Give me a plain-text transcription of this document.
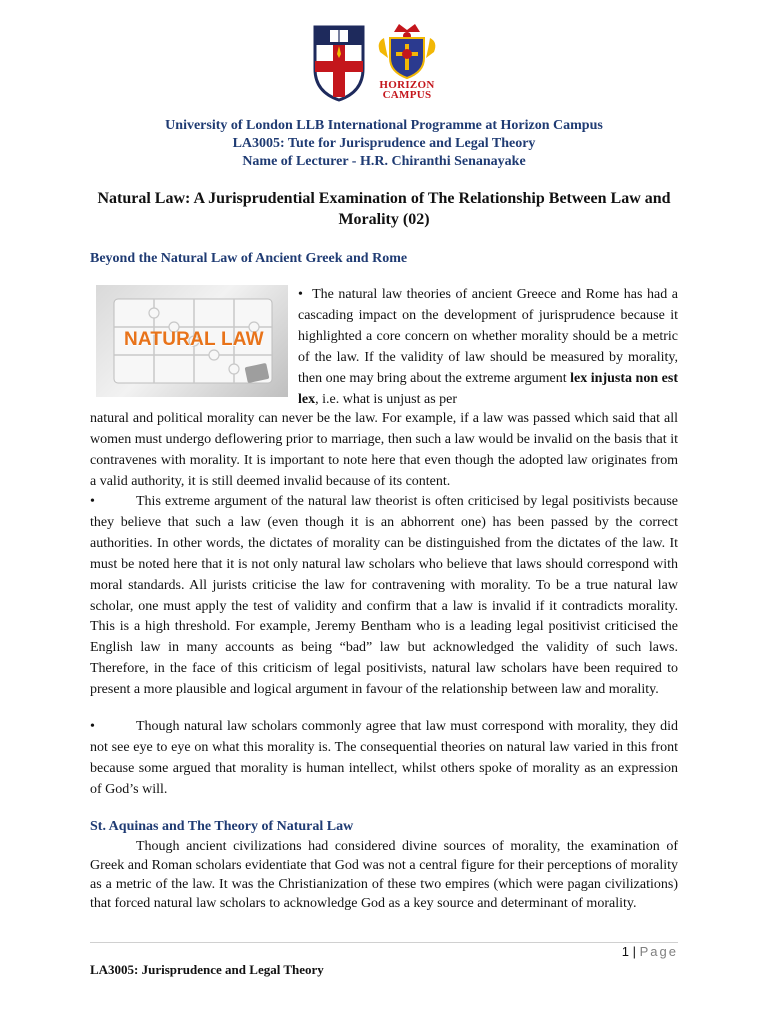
HORIZON CAMPUS
University of London LLB International Programme at Horizon Campus
LA3005: Tute for Jurisprudence and Legal Theory
Name of Lecturer - H.R. Chiranthi Senanayake
Natural Law: A Jurisprudential Examination of The Relationship Between Law and Morality (02)
Beyond the Natural Law of Ancient Greek and Rome
NATURAL LAW
• The natural law theories of ancient Greece and Rome has had a cascading impact on the development of jurisprudence because it highlighted a core concern on whether morality should be a metric of the law. If the validity of law should be measured by morality, then one may bring about the extreme argument lex injusta non est lex, i.e. what is unjust as per
natural and political morality can never be the law. For example, if a law was passed which said that all women must undergo deflowering prior to marriage, then such a law would be invalid on the basis that it contravenes with morality. It is important to note here that even though the adopted law originates from a valid authority, it is still deemed invalid because of its content.
•	This extreme argument of the natural law theorist is often criticised by legal positivists because they believe that such a law (even though it is an abhorrent one) has been passed by the correct authorities. In other words, the dictates of morality can be distinguished from the dictates of the law. It must be noted here that it is not only natural law scholars who believe that laws should correspond with moral standards. All jurists criticise the law for contravening with morality. To be a true natural law scholar, one must apply the test of validity and confirm that a law is invalid if it contradicts morality. This is a high threshold. For example, Jeremy Bentham who is a leading legal positivist criticised the English law in many accounts as being “bad” law but acknowledged the validity of such laws. Therefore, in the face of this criticism of legal positivists, natural law scholars have been required to present a more plausible and logical argument in favour of the relationship between law and morality.
•	Though natural law scholars commonly agree that law must correspond with morality, they did not see eye to eye on what this morality is. The consequential theories on natural law varied in this front because some argued that morality is human intellect, whilst others spoke of morality as an expression of God’s will.
St. Aquinas and The Theory of Natural Law
Though ancient civilizations had considered divine sources of morality, the examination of Greek and Roman scholars evidentiate that God was not a central figure for their perceptions of morality as a metric of the law. It was the Christianization of these two empires (which were pagan civilizations) that forced natural law scholars to acknowledge God as a key source and determinant of morality.
1 | Page
LA3005: Jurisprudence and Legal Theory
